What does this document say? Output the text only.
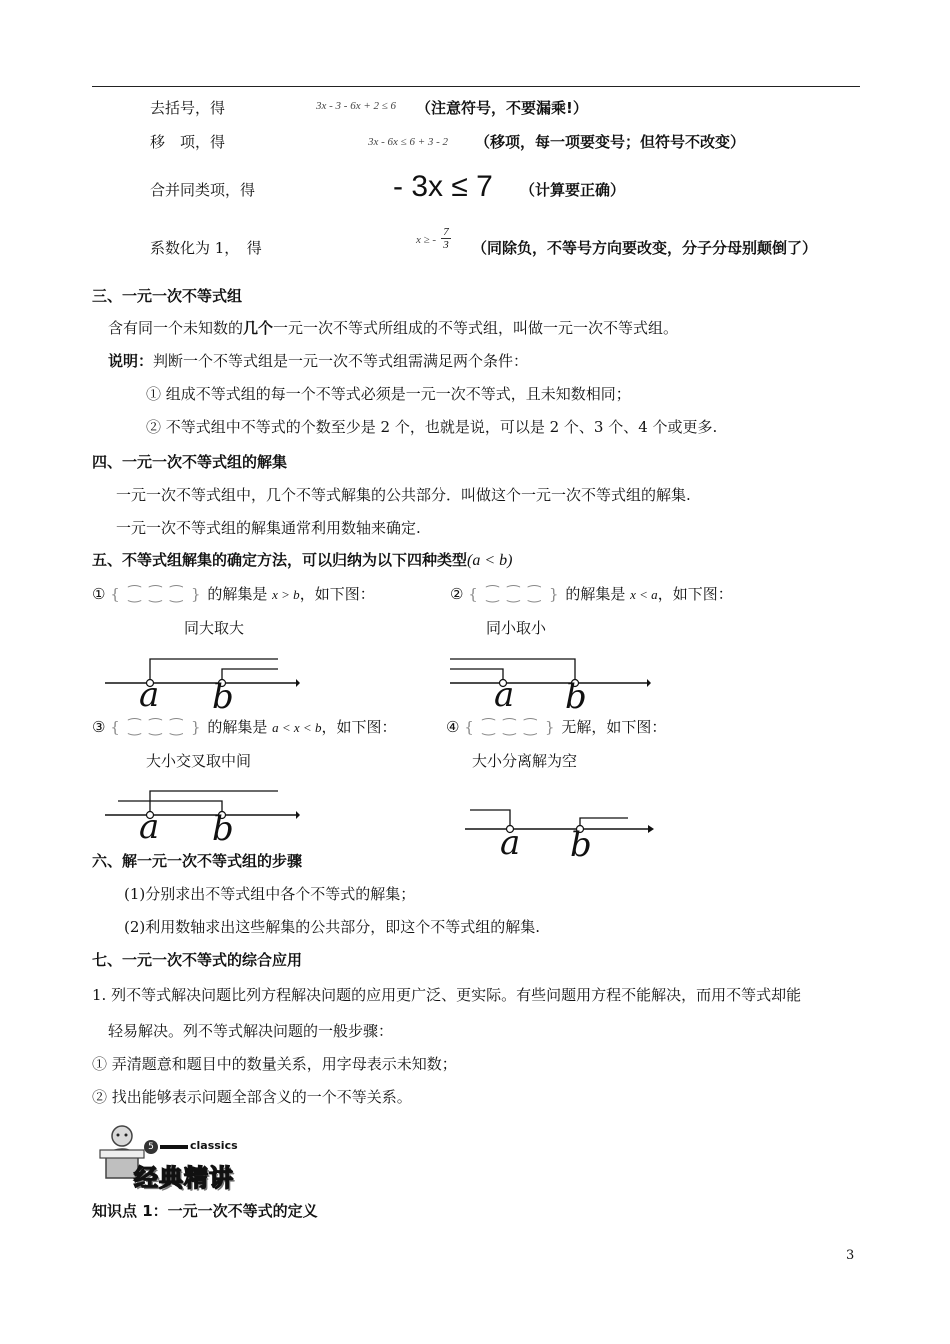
去括号，得	3x - 3 - 6x + 2 ≤ 6 （注意符号，不要漏乘!）
移　项，得	3x - 6x ≤ 6 + 3 - 2 （移项，每一项要变号；但符号不改变）
合并同类项，得	- 3x ≤ 7 （计算要正确）
系数化为 1，　得	x ≥ - $\frac{7}{3}$ （同除负，不等号方向要改变，分子分母别颠倒了）
三、一元一次不等式组
含有同一个未知数的几个一元一次不等式所组成的不等式组，叫做一元一次不等式组。
说明：判断一个不等式组是一元一次不等式组需满足两个条件：
① 组成不等式组的每一个不等式必须是一元一次不等式，且未知数相同；
② 不等式组中不等式的个数至少是 2 个，也就是说，可以是 2 个、3 个、4 个或更多.
四、一元一次不等式组的解集
一元一次不等式组中，几个不等式解集的公共部分．叫做这个一元一次不等式组的解集.
一元一次不等式组的解集通常利用数轴来确定.
五、不等式组解集的确定方法，可以归纳为以下四种类型(a < b)
① { ⁐ ⁐ ⁐ } 的解集是 x > b，如下图：
同大取大
② { ⁐ ⁐ ⁐ } 的解集是 x < a，如下图：
同小取小
a b	a b
③ { ⁐ ⁐ ⁐ } 的解集是 a < x < b，如下图：
大小交叉取中间
④ { ⁐ ⁐ ⁐ } 无解，如下图：
大小分离解为空
a b	a b
六、解一元一次不等式组的步骤
(1)分别求出不等式组中各个不等式的解集；
(2)利用数轴求出这些解集的公共部分，即这个不等式组的解集.
七、一元一次不等式的综合应用
1. 列不等式解决问题比列方程解决问题的应用更广泛、更实际。有些问题用方程不能解决，而用不等式却能
轻易解决。列不等式解决问题的一般步骤：
① 弄清题意和题目中的数量关系，用字母表示未知数；
② 找出能够表示问题全部含义的一个不等关系。
5	classics
经典精讲
知识点 1：一元一次不等式的定义
3
